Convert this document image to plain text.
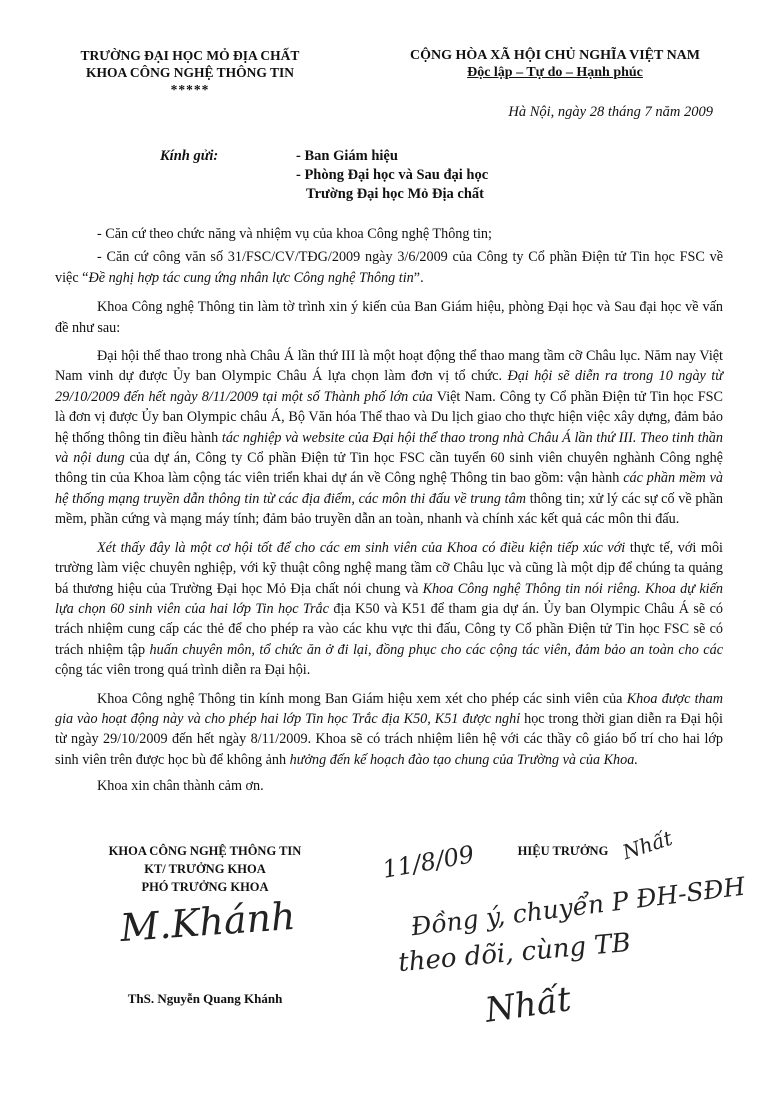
TRƯỜNG ĐẠI HỌC MỎ ĐỊA CHẤT
KHOA CÔNG NGHỆ THÔNG TIN
*****
CỘNG HÒA XÃ HỘI CHỦ NGHĨA VIỆT NAM
Độc lập – Tự do – Hạnh phúc
Hà Nội, ngày 28 tháng 7 năm 2009
Kính gửi:	- Ban Giám hiệu
- Phòng Đại học và Sau đại học
Trường Đại học Mỏ Địa chất

- Căn cứ theo chức năng và nhiệm vụ của khoa Công nghệ Thông tin;

- Căn cứ công văn số 31/FSC/CV/TĐG/2009 ngày 3/6/2009 của Công ty Cổ phần Điện tử Tin học FSC về việc “Đề nghị hợp tác cung ứng nhân lực Công nghệ Thông tin”.

Khoa Công nghệ Thông tin làm tờ trình xin ý kiến của Ban Giám hiệu, phòng Đại học và Sau đại học về vấn đề như sau:

Đại hội thể thao trong nhà Châu Á lần thứ III là một hoạt động thể thao mang tầm cỡ Châu lục. Năm nay Việt Nam vinh dự được Ủy ban Olympic Châu Á lựa chọn làm đơn vị tổ chức. Đại hội sẽ diễn ra trong 10 ngày từ 29/10/2009 đến hết ngày 8/11/2009 tại một số Thành phố lớn của Việt Nam. Công ty Cổ phần Điện tử Tin học FSC là đơn vị được Ủy ban Olympic châu Á, Bộ Văn hóa Thể thao và Du lịch giao cho thực hiện việc xây dựng, đảm bảo hệ thống thông tin điều hành tác nghiệp và website của Đại hội thể thao trong nhà Châu Á lần thứ III. Theo tinh thần và nội dung của dự án, Công ty Cổ phần Điện tử Tin học FSC cần tuyển 60 sinh viên chuyên nghành Công nghệ thông tin của Khoa làm cộng tác viên triển khai dự án về Công nghệ Thông tin bao gồm: vận hành các phần mềm và hệ thống mạng truyền dẫn thông tin từ các địa điểm, các môn thi đấu về trung tâm thông tin; xử lý các sự cố về phần mềm, phần cứng và mạng máy tính; đảm bảo truyền dẫn an toàn, nhanh và chính xác kết quả các môn thi đấu.

Xét thấy đây là một cơ hội tốt để cho các em sinh viên của Khoa có điều kiện tiếp xúc với thực tế, với môi trường làm việc chuyên nghiệp, với kỹ thuật công nghệ mang tầm cỡ Châu lục và cũng là một dịp để chúng ta quảng bá thương hiệu của Trường Đại học Mỏ Địa chất nói chung và Khoa Công nghệ Thông tin nói riêng. Khoa dự kiến lựa chọn 60 sinh viên của hai lớp Tin học Trắc địa K50 và K51 để tham gia dự án. Ủy ban Olympic Châu Á sẽ có trách nhiệm cung cấp các thẻ để cho phép ra vào các khu vực thi đấu, Công ty Cổ phần Điện tử Tin học FSC sẽ có trách nhiệm tập huấn chuyên môn, tổ chức ăn ở đi lại, đồng phục cho các cộng tác viên, đảm bảo an toàn cho các cộng tác viên trong quá trình diễn ra Đại hội.

Khoa Công nghệ Thông tin kính mong Ban Giám hiệu xem xét cho phép các sinh viên của Khoa được tham gia vào hoạt động này và cho phép hai lớp Tin học Trắc địa K50, K51 được nghỉ học trong thời gian diễn ra Đại hội từ ngày 29/10/2009 đến hết ngày 8/11/2009. Khoa sẽ có trách nhiệm liên hệ với các thầy cô giáo bố trí cho hai lớp sinh viên trên được học bù để không ảnh hưởng đến kế hoạch đào tạo chung của Trường và của Khoa.

Khoa xin chân thành cảm ơn.

KHOA CÔNG NGHỆ THÔNG TIN
KT/ TRƯỞNG KHOA
PHÓ TRƯỞNG KHOA
M.Khánh
ThS. Nguyễn Quang Khánh
HIỆU TRƯỞNG Nhất
11/8/09
Đồng ý, chuyển P ĐH-SĐH
theo dõi, cùng TB
Nhất
